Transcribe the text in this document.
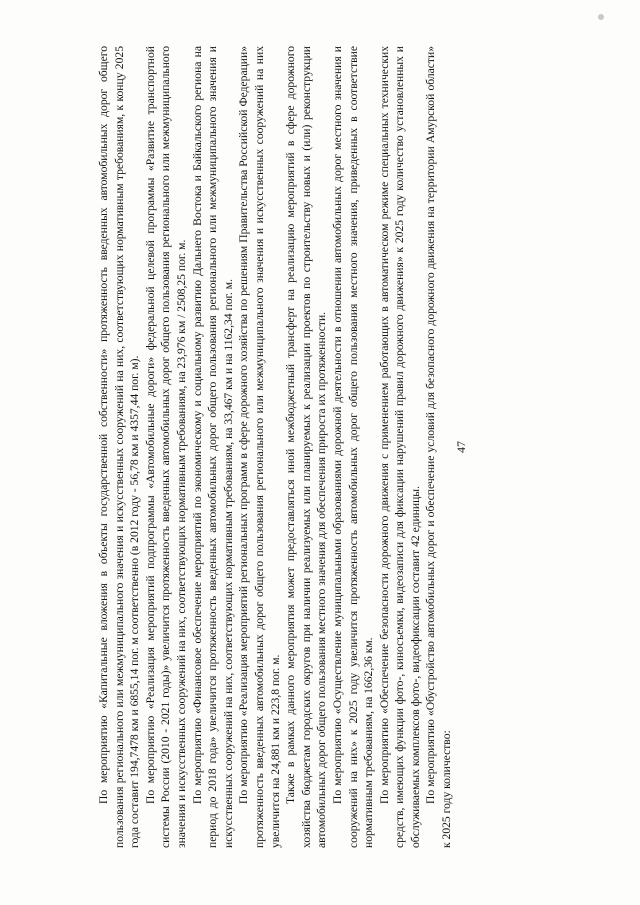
По мероприятию «Капитальные вложения в объекты государственной собственности» протяженность введенных автомобильных дорог общего пользования регионального или межмуниципального значения и искусственных сооружений на них, соответствующих нормативным требованиям, к концу 2025 года составит 194,7478 км и 6855,14 пог. м соответственно (в 2012 году - 56,78 км и 4357,44 пог. м). По мероприятию «Реализация мероприятий подпрограммы «Автомобильные дороги» федеральной целевой программы «Развитие транспортной системы России (2010 - 2021 годы)» увеличится протяженность введенных автомобильных дорог общего пользования регионального или межмуниципального значения и искусственных сооружений на них, соответствующих нормативным требованиям, на 23,976 км / 2508,25 пог. м. По мероприятию «Финансовое обеспечение мероприятий по экономическому и социальному развитию Дальнего Востока и Байкальского региона на период до 2018 года» увеличится протяженность введенных автомобильных дорог общего пользования регионального или межмуниципального значения и искусственных сооружений на них, соответствующих нормативным требованиям, на 33,467 км и на 1162,34 пог. м. По мероприятию «Реализация мероприятий региональных программ в сфере дорожного хозяйства по решениям Правительства Российской Федерации» протяженность введенных автомобильных дорог общего пользования регионального или межмуниципального значения и искусственных сооружений на них увеличится на 24,881 км и 223,8 пог. м. Также в рамках данного мероприятия может предоставляться иной межбюджетный трансферт на реализацию мероприятий в сфере дорожного хозяйства бюджетам городских округов при наличии реализуемых или планируемых к реализации проектов по строительству новых и (или) реконструкции автомобильных дорог общего пользования местного значения для обеспечения прироста их протяженности. По мероприятию «Осуществление муниципальными образованиями дорожной деятельности в отношении автомобильных дорог местного значения и сооружений на них» к 2025 году увеличится протяженность автомобильных дорог общего пользования местного значения, приведенных в соответствие нормативным требованиям, на 1662,36 км. По мероприятию «Обеспечение безопасности дорожного движения с применением работающих в автоматическом режиме специальных технических средств, имеющих функции фото-, киносъемки, видеозаписи для фиксации нарушений правил дорожного движения» к 2025 году количество установленных и обслуживаемых комплексов фото-, видеофиксации составит 42 единицы. По мероприятию «Обустройство автомобильных дорог и обеспечение условий для безопасного дорожного движения на территории Амурской области» к 2025 году количество:

47
